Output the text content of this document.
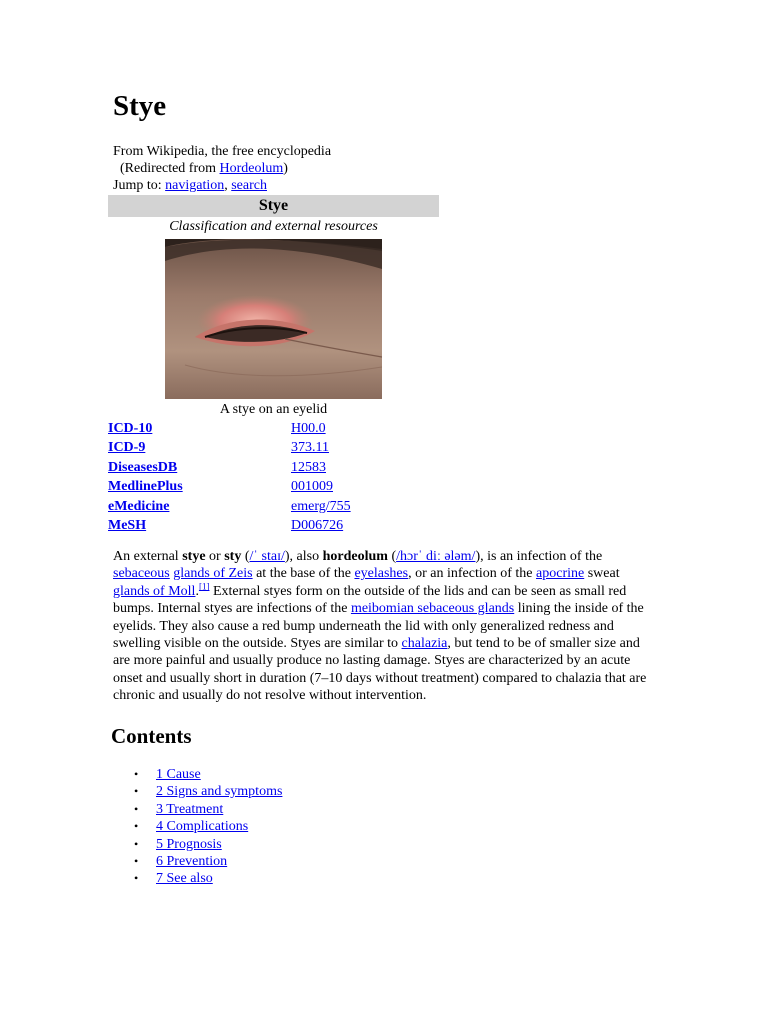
Stye
From Wikipedia, the free encyclopedia
(Redirected from Hordeolum)
Jump to: navigation, search
Stye
Classification and external resources
A stye on an eyelid
ICD-10	H00.0
ICD-9	373.11
DiseasesDB	12583
MedlinePlus	001009
eMedicine	emerg/755
MeSH	D006726

An external stye or sty (/ˈ staɪ/), also hordeolum (/hɔrˈ diː ələm/), is an infection of the sebaceous glands of Zeis at the base of the eyelashes, or an infection of the apocrine sweat glands of Moll.[1] External styes form on the outside of the lids and can be seen as small red bumps. Internal styes are infections of the meibomian sebaceous glands lining the inside of the eyelids. They also cause a red bump underneath the lid with only generalized redness and swelling visible on the outside. Styes are similar to chalazia, but tend to be of smaller size and are more painful and usually produce no lasting damage. Styes are characterized by an acute onset and usually short in duration (7–10 days without treatment) compared to chalazia that are chronic and usually do not resolve without intervention.

Contents
• 1 Cause
• 2 Signs and symptoms
• 3 Treatment
• 4 Complications
• 5 Prognosis
• 6 Prevention
• 7 See also
